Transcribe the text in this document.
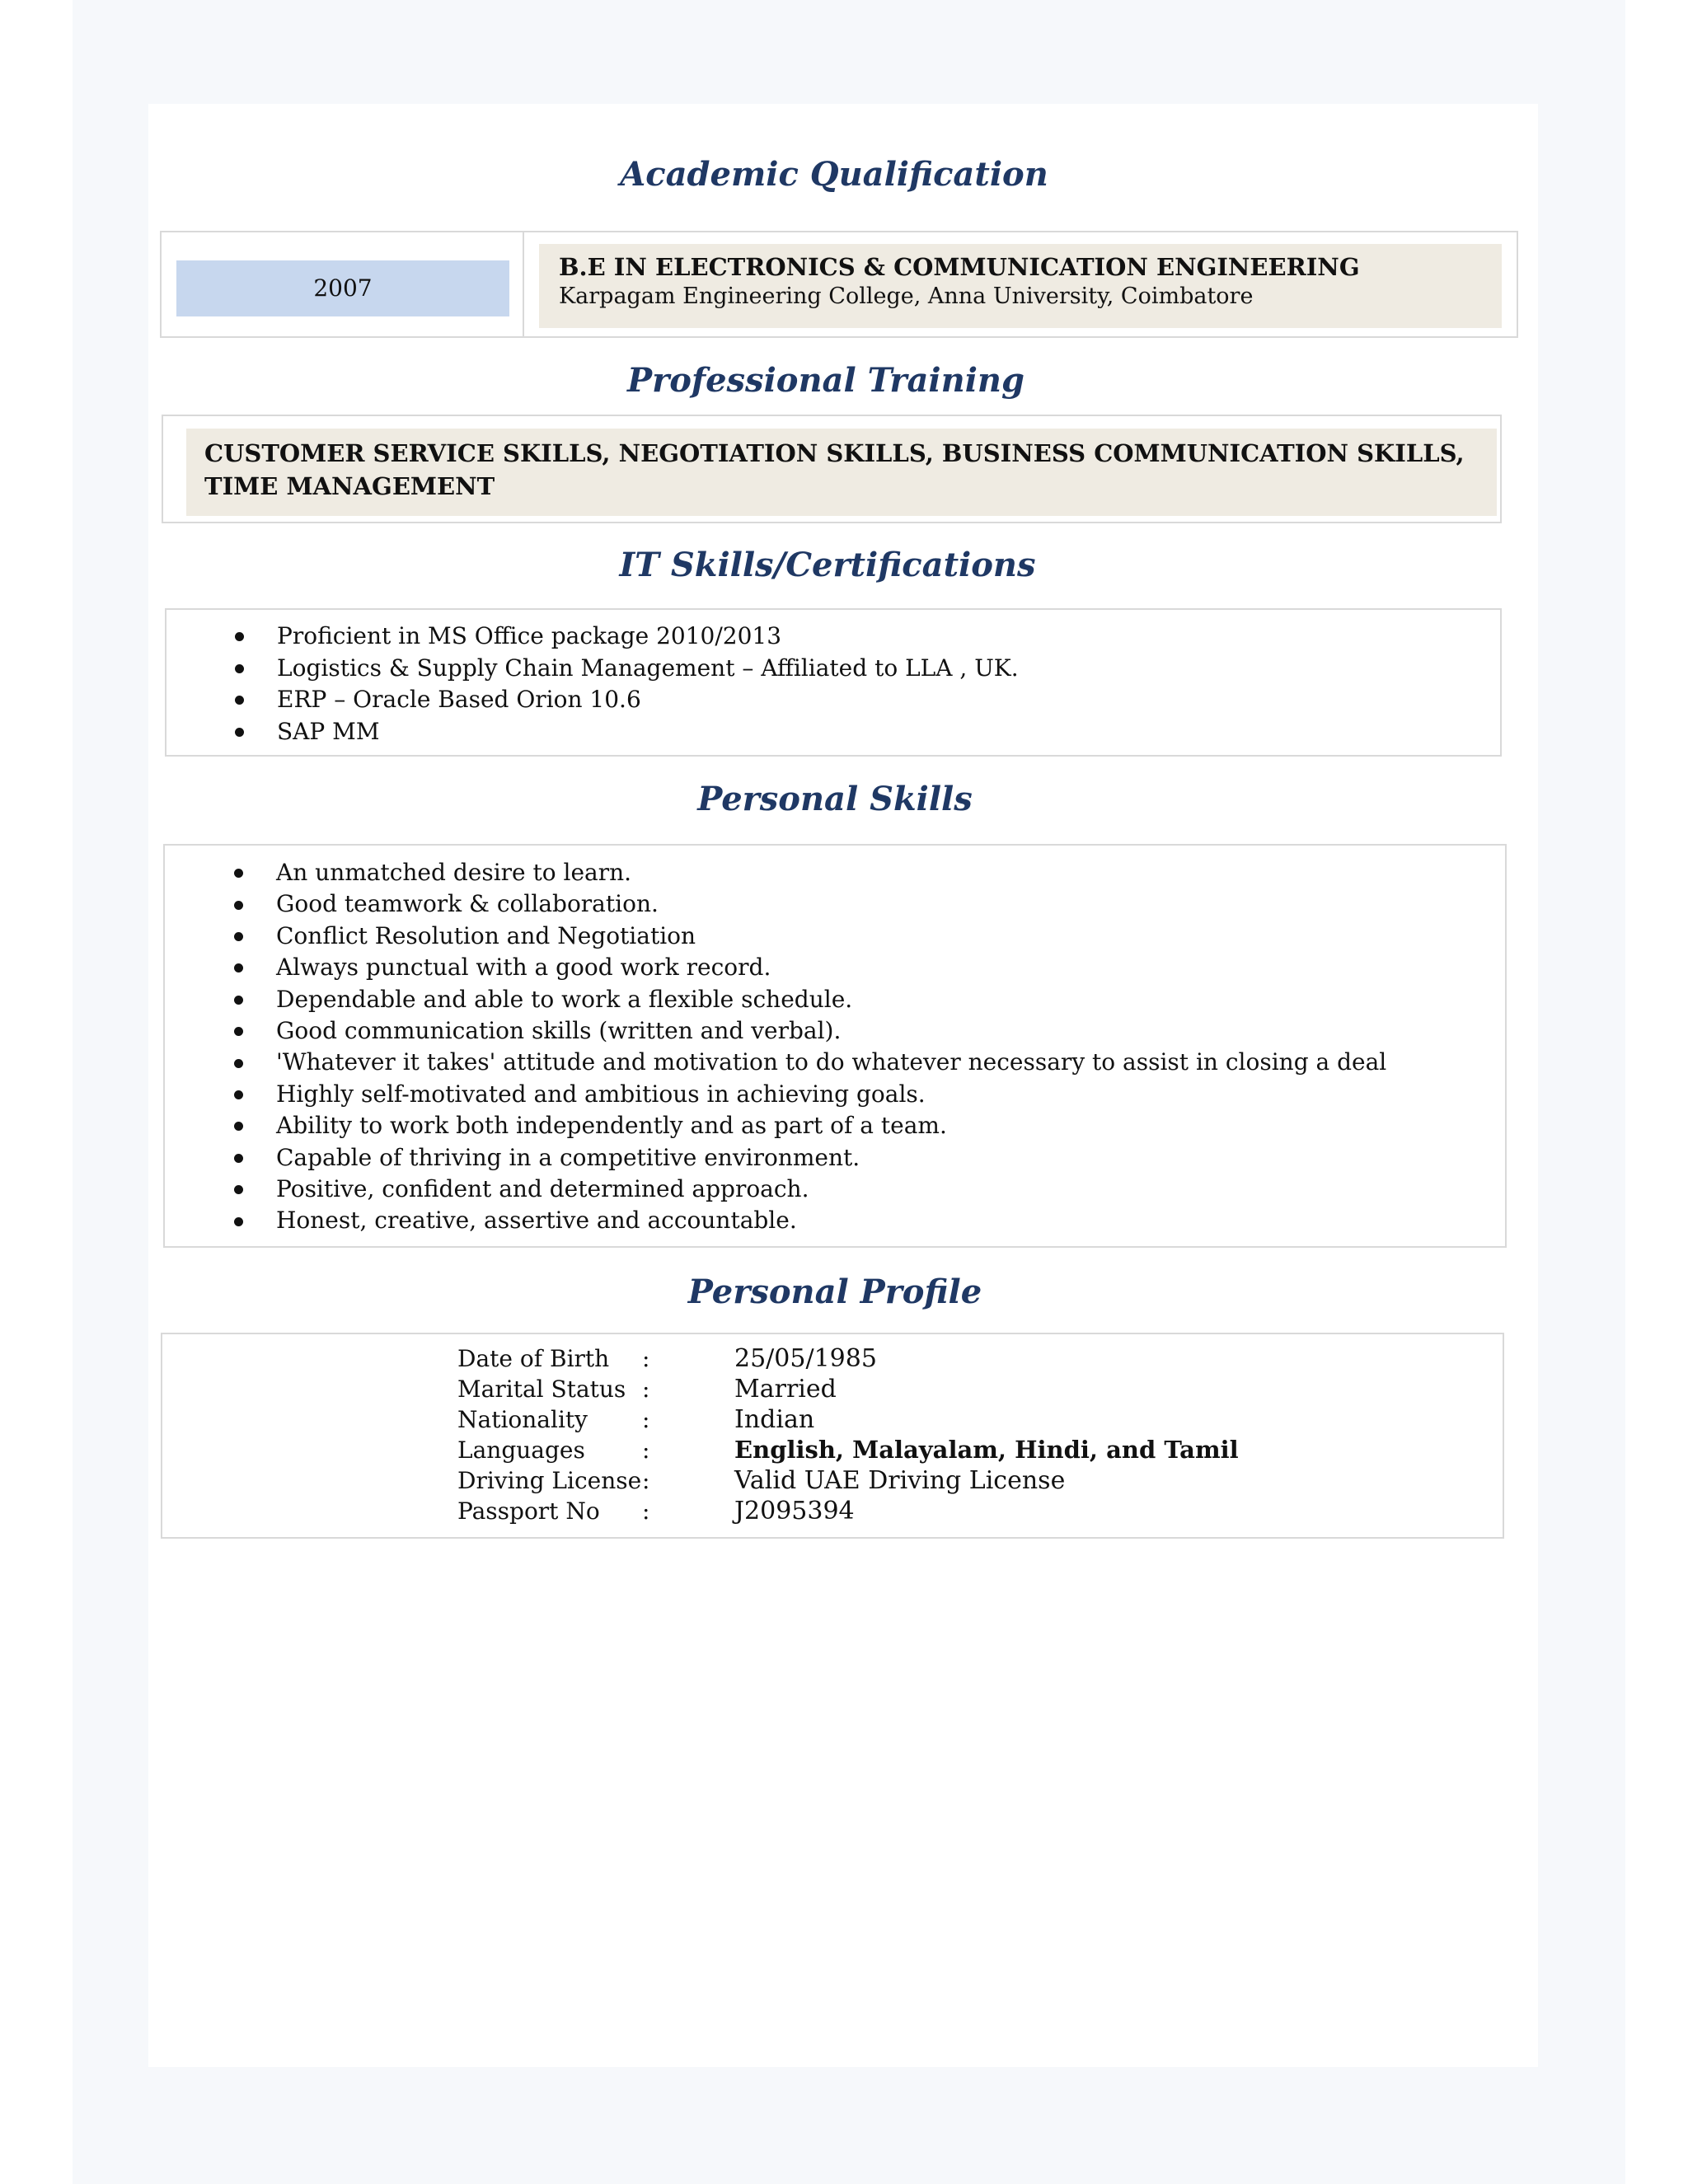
Academic Qualification
2007
B.E IN ELECTRONICS & COMMUNICATION ENGINEERING
Karpagam Engineering College, Anna University, Coimbatore
Professional Training
CUSTOMER SERVICE SKILLS, NEGOTIATION SKILLS, BUSINESS COMMUNICATION SKILLS, TIME MANAGEMENT
IT Skills/Certifications
Proficient in MS Office package 2010/2013
Logistics & Supply Chain Management – Affiliated to LLA , UK.
ERP – Oracle Based Orion 10.6
SAP MM
Personal Skills
An unmatched desire to learn.
Good teamwork & collaboration.
Conflict Resolution and Negotiation
Always punctual with a good work record.
Dependable and able to work a flexible schedule.
Good communication skills (written and verbal).
'Whatever it takes' attitude and motivation to do whatever necessary to assist in closing a deal
Highly self-motivated and ambitious in achieving goals.
Ability to work both independently and as part of a team.
Capable of thriving in a competitive environment.
Positive, confident and determined approach.
Honest, creative, assertive and accountable.
Personal Profile
Date of Birth :	25/05/1985
Marital Status :	Married
Nationality :	Indian
Languages :	English, Malayalam, Hindi, and Tamil
Driving License :	Valid UAE Driving License
Passport No :	J2095394
